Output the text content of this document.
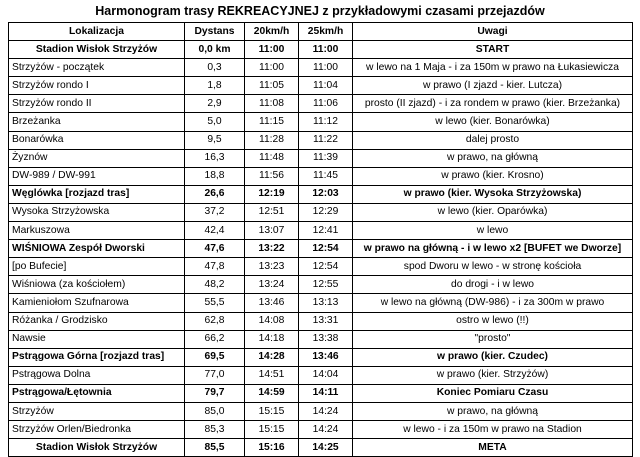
Harmonogram trasy REKREACYJNEJ z przykładowymi czasami przejazdów
Lokalizacja	Dystans	20km/h	25km/h	Uwagi
Stadion Wisłok Strzyżów	0,0 km	11:00	11:00	START
Strzyżów - początek	0,3	11:00	11:00	w lewo na 1 Maja - i za 150m w prawo na Łukasiewicza
Strzyżów rondo I	1,8	11:05	11:04	w prawo (I zjazd - kier. Lutcza)
Strzyżów rondo II	2,9	11:08	11:06	prosto (II zjazd) - i za rondem w prawo (kier. Brzeżanka)
Brzeżanka	5,0	11:15	11:12	w lewo (kier. Bonarówka)
Bonarówka	9,5	11:28	11:22	dalej prosto
Żyznów	16,3	11:48	11:39	w prawo, na główną
DW-989 / DW-991	18,8	11:56	11:45	w prawo (kier. Krosno)
Węglówka [rozjazd tras]	26,6	12:19	12:03	w prawo (kier. Wysoka Strzyżowska)
Wysoka Strzyżowska	37,2	12:51	12:29	w lewo (kier. Oparówka)
Markuszowa	42,4	13:07	12:41	w lewo
WIŚNIOWA Zespół Dworski	47,6	13:22	12:54	w prawo na główną - i w lewo x2 [BUFET we Dworze]
[po Bufecie]	47,8	13:23	12:54	spod Dworu w lewo - w stronę kościoła
Wiśniowa (za kościołem)	48,2	13:24	12:55	do drogi - i w lewo
Kamieniołom Szufnarowa	55,5	13:46	13:13	w lewo na główną (DW-986) - i za 300m w prawo
Różanka / Grodzisko	62,8	14:08	13:31	ostro w lewo (!!)
Nawsie	66,2	14:18	13:38	"prosto"
Pstrągowa Górna [rozjazd tras]	69,5	14:28	13:46	w prawo (kier. Czudec)
Pstrągowa Dolna	77,0	14:51	14:04	w prawo (kier. Strzyżów)
Pstrągowa/Łętownia	79,7	14:59	14:11	Koniec Pomiaru Czasu
Strzyżów	85,0	15:15	14:24	w prawo, na główną
Strzyżów Orlen/Biedronka	85,3	15:15	14:24	w lewo - i za 150m w prawo na Stadion
Stadion Wisłok Strzyżów	85,5	15:16	14:25	META
